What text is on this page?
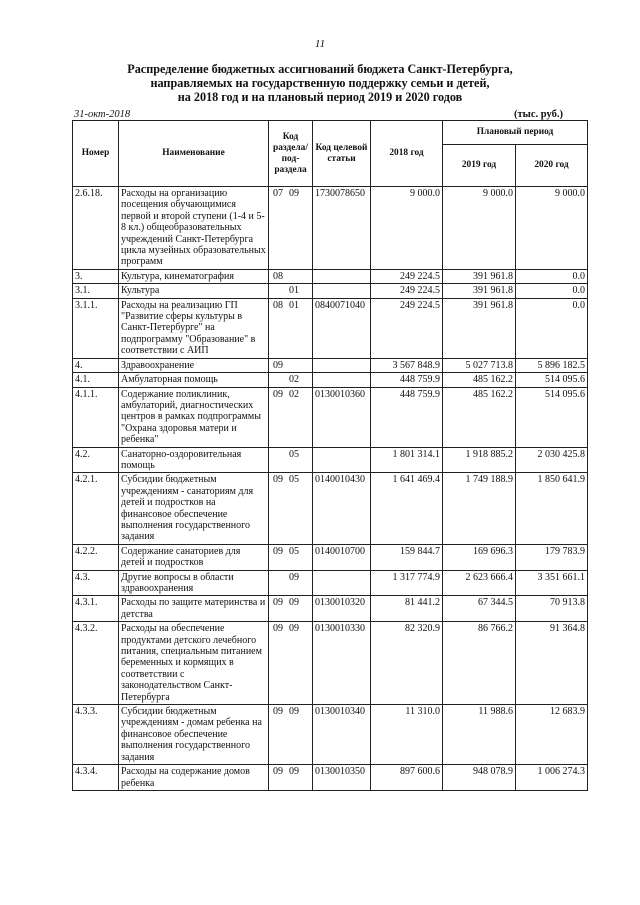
11
Распределение бюджетных ассигнований бюджета Санкт-Петербурга,
направляемых на государственную поддержку семьи и детей,
на 2018 год и на плановый период 2019 и 2020 годов
31-окт-2018	(тыс. руб.)
Номер	Наименование	Код раздела/ под-раздела	Код целевой статьи	2018 год	Плановый период	
					2019 год	2020 год
2.6.18.	Расходы на организацию посещения обучающимися первой и второй ступени (1-4 и 5-8 кл.) общеобразовательных учреждений Санкт-Петербурга цикла музейных образовательных программ	07 09	1730078650	9 000.0	9 000.0	9 000.0
3.	Культура, кинематография	08		249 224.5	391 961.8	0.0
3.1.	Культура	01		249 224.5	391 961.8	0.0
3.1.1.	Расходы на реализацию ГП "Развитие сферы культуры в Санкт-Петербурге" на подпрограмму "Образование" в соответствии с АИП	08 01	0840071040	249 224.5	391 961.8	0.0
4.	Здравоохранение	09		3 567 848.9	5 027 713.8	5 896 182.5
4.1.	Амбулаторная помощь	02		448 759.9	485 162.2	514 095.6
4.1.1.	Содержание поликлиник, амбулаторий, диагностических центров в рамках подпрограммы "Охрана здоровья матери и ребенка"	09 02	0130010360	448 759.9	485 162.2	514 095.6
4.2.	Санаторно-оздоровительная помощь	05		1 801 314.1	1 918 885.2	2 030 425.8
4.2.1.	Субсидии бюджетным учреждениям - санаториям для детей и подростков на финансовое обеспечение выполнения государственного задания	09 05	0140010430	1 641 469.4	1 749 188.9	1 850 641.9
4.2.2.	Содержание санаториев для детей и подростков	09 05	0140010700	159 844.7	169 696.3	179 783.9
4.3.	Другие вопросы в области здравоохранения	09		1 317 774.9	2 623 666.4	3 351 661.1
4.3.1.	Расходы по защите материнства и детства	09 09	0130010320	81 441.2	67 344.5	70 913.8
4.3.2.	Расходы на обеспечение продуктами детского лечебного питания, специальным питанием беременных и кормящих в соответствии с законодательством Санкт-Петербурга	09 09	0130010330	82 320.9	86 766.2	91 364.8
4.3.3.	Субсидии бюджетным учреждениям - домам ребенка на финансовое обеспечение выполнения государственного задания	09 09	0130010340	11 310.0	11 988.6	12 683.9
4.3.4.	Расходы на содержание домов ребенка	09 09	0130010350	897 600.6	948 078.9	1 006 274.3
